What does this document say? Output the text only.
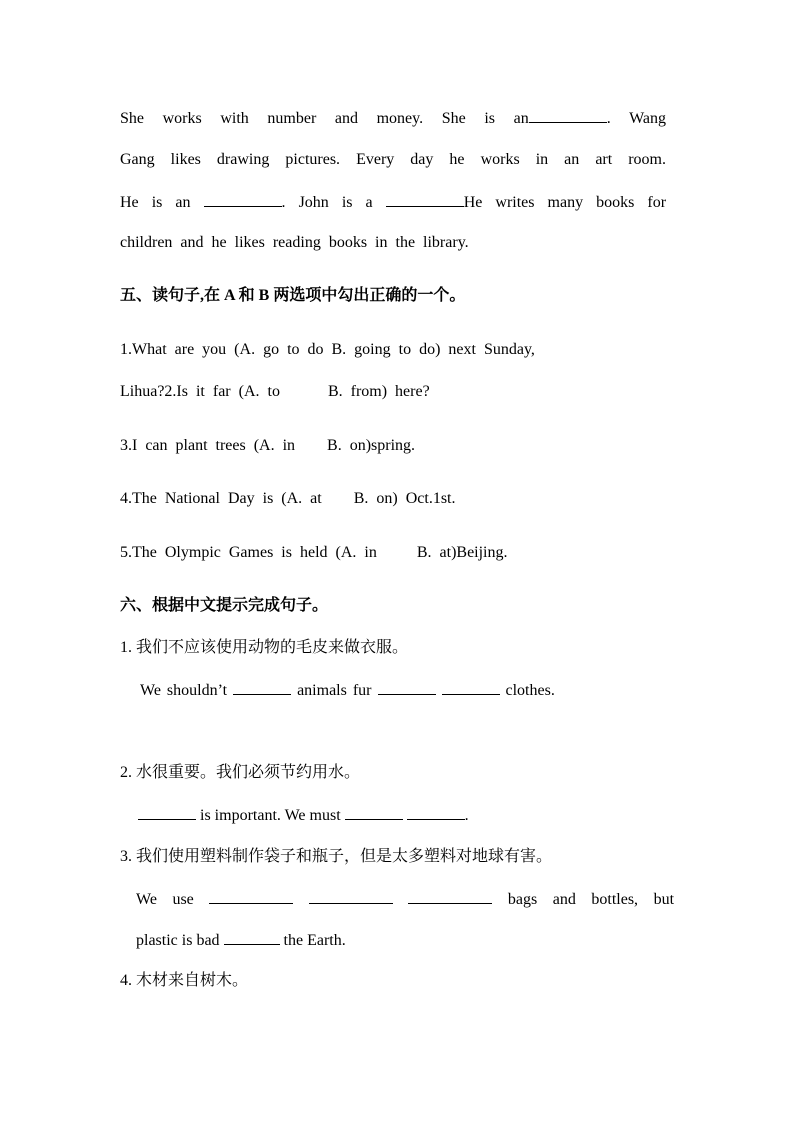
She works with number and money. She is an	. Wang
Gang likes drawing pictures. Every day he works in an art room.
He is an	. John is a	He writes many books for
children and he likes reading books in the library.
五、读句子,在 A 和 B 两选项中勾出正确的一个。
1.What are you (A. go to do B. going to do) next Sunday,
Lihua?2.Is it far (A. to      B. from) here?
3.I can plant trees (A. in    B. on)spring.
4.The National Day is (A. at    B. on) Oct.1st.
5.The Olympic Games is held (A. in     B. at)Beijing.
六、根据中文提示完成句子。
1. 我们不应该使用动物的毛皮来做衣服。
We shouldn’t	animals fur	clothes.
2. 水很重要。我们必须节约用水。
is important. We must	.
3. 我们使用塑料制作袋子和瓶子，但是太多塑料对地球有害。
We use	bags and bottles, but
plastic is bad	the Earth.
4. 木材来自树木。
